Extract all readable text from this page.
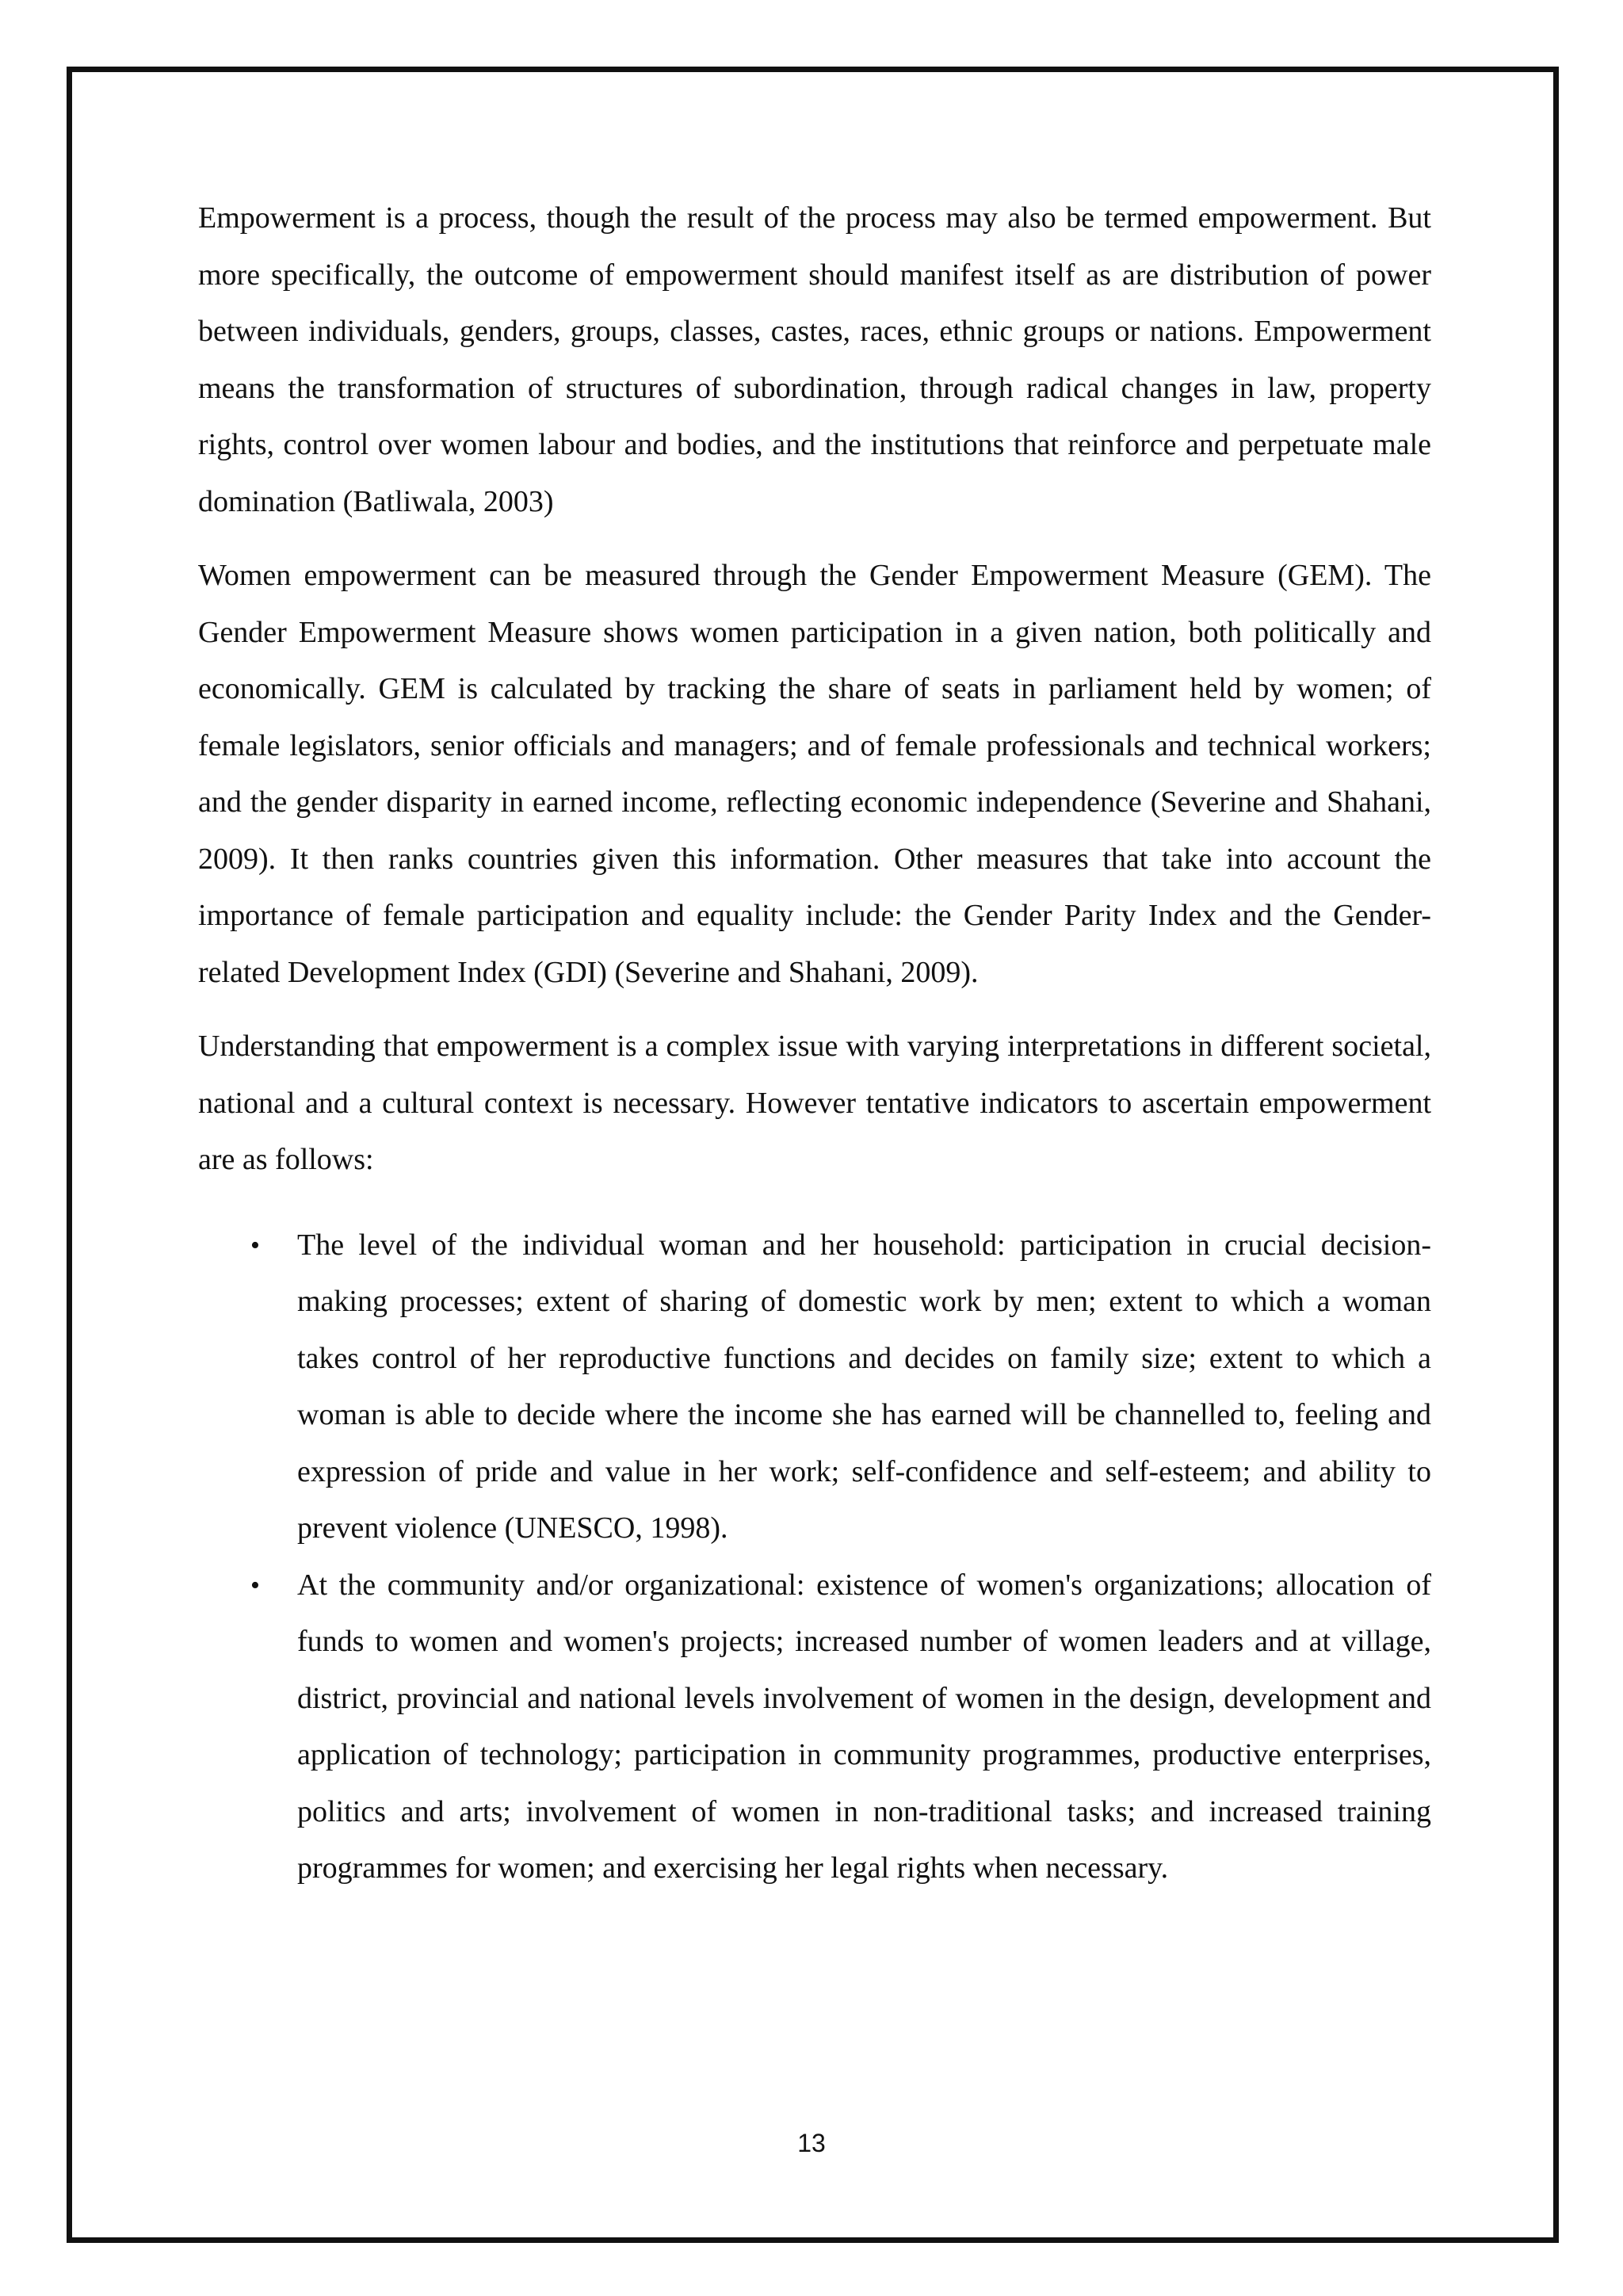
Empowerment is a process, though the result of the process may also be termed empowerment. But more specifically, the outcome of empowerment should manifest itself as are distribution of power between individuals, genders, groups, classes, castes, races, ethnic groups or nations. Empowerment means the transformation of structures of subordination, through radical changes in law, property rights, control over women labour and bodies, and the institutions that reinforce and perpetuate male domination (Batliwala, 2003)

Women empowerment can be measured through the Gender Empowerment Measure (GEM). The Gender Empowerment Measure shows women participation in a given nation, both politically and economically. GEM is calculated by tracking the share of seats in parliament held by women; of female legislators, senior officials and managers; and of female professionals and technical workers; and the gender disparity in earned income, reflecting economic independence (Severine and Shahani, 2009). It then ranks countries given this information. Other measures that take into account the importance of female participation and equality include: the Gender Parity Index and the Gender-related Development Index (GDI) (Severine and Shahani, 2009).

Understanding that empowerment is a complex issue with varying interpretations in different societal, national and a cultural context is necessary. However tentative indicators to ascertain empowerment are as follows:

• The level of the individual woman and her household: participation in crucial decision-making processes; extent of sharing of domestic work by men; extent to which a woman takes control of her reproductive functions and decides on family size; extent to which a woman is able to decide where the income she has earned will be channelled to, feeling and expression of pride and value in her work; self-confidence and self-esteem; and ability to prevent violence (UNESCO, 1998).
• At the community and/or organizational: existence of women's organizations; allocation of funds to women and women's projects; increased number of women leaders and at village, district, provincial and national levels involvement of women in the design, development and application of technology; participation in community programmes, productive enterprises, politics and arts; involvement of women in non-traditional tasks; and increased training programmes for women; and exercising her legal rights when necessary.
13
